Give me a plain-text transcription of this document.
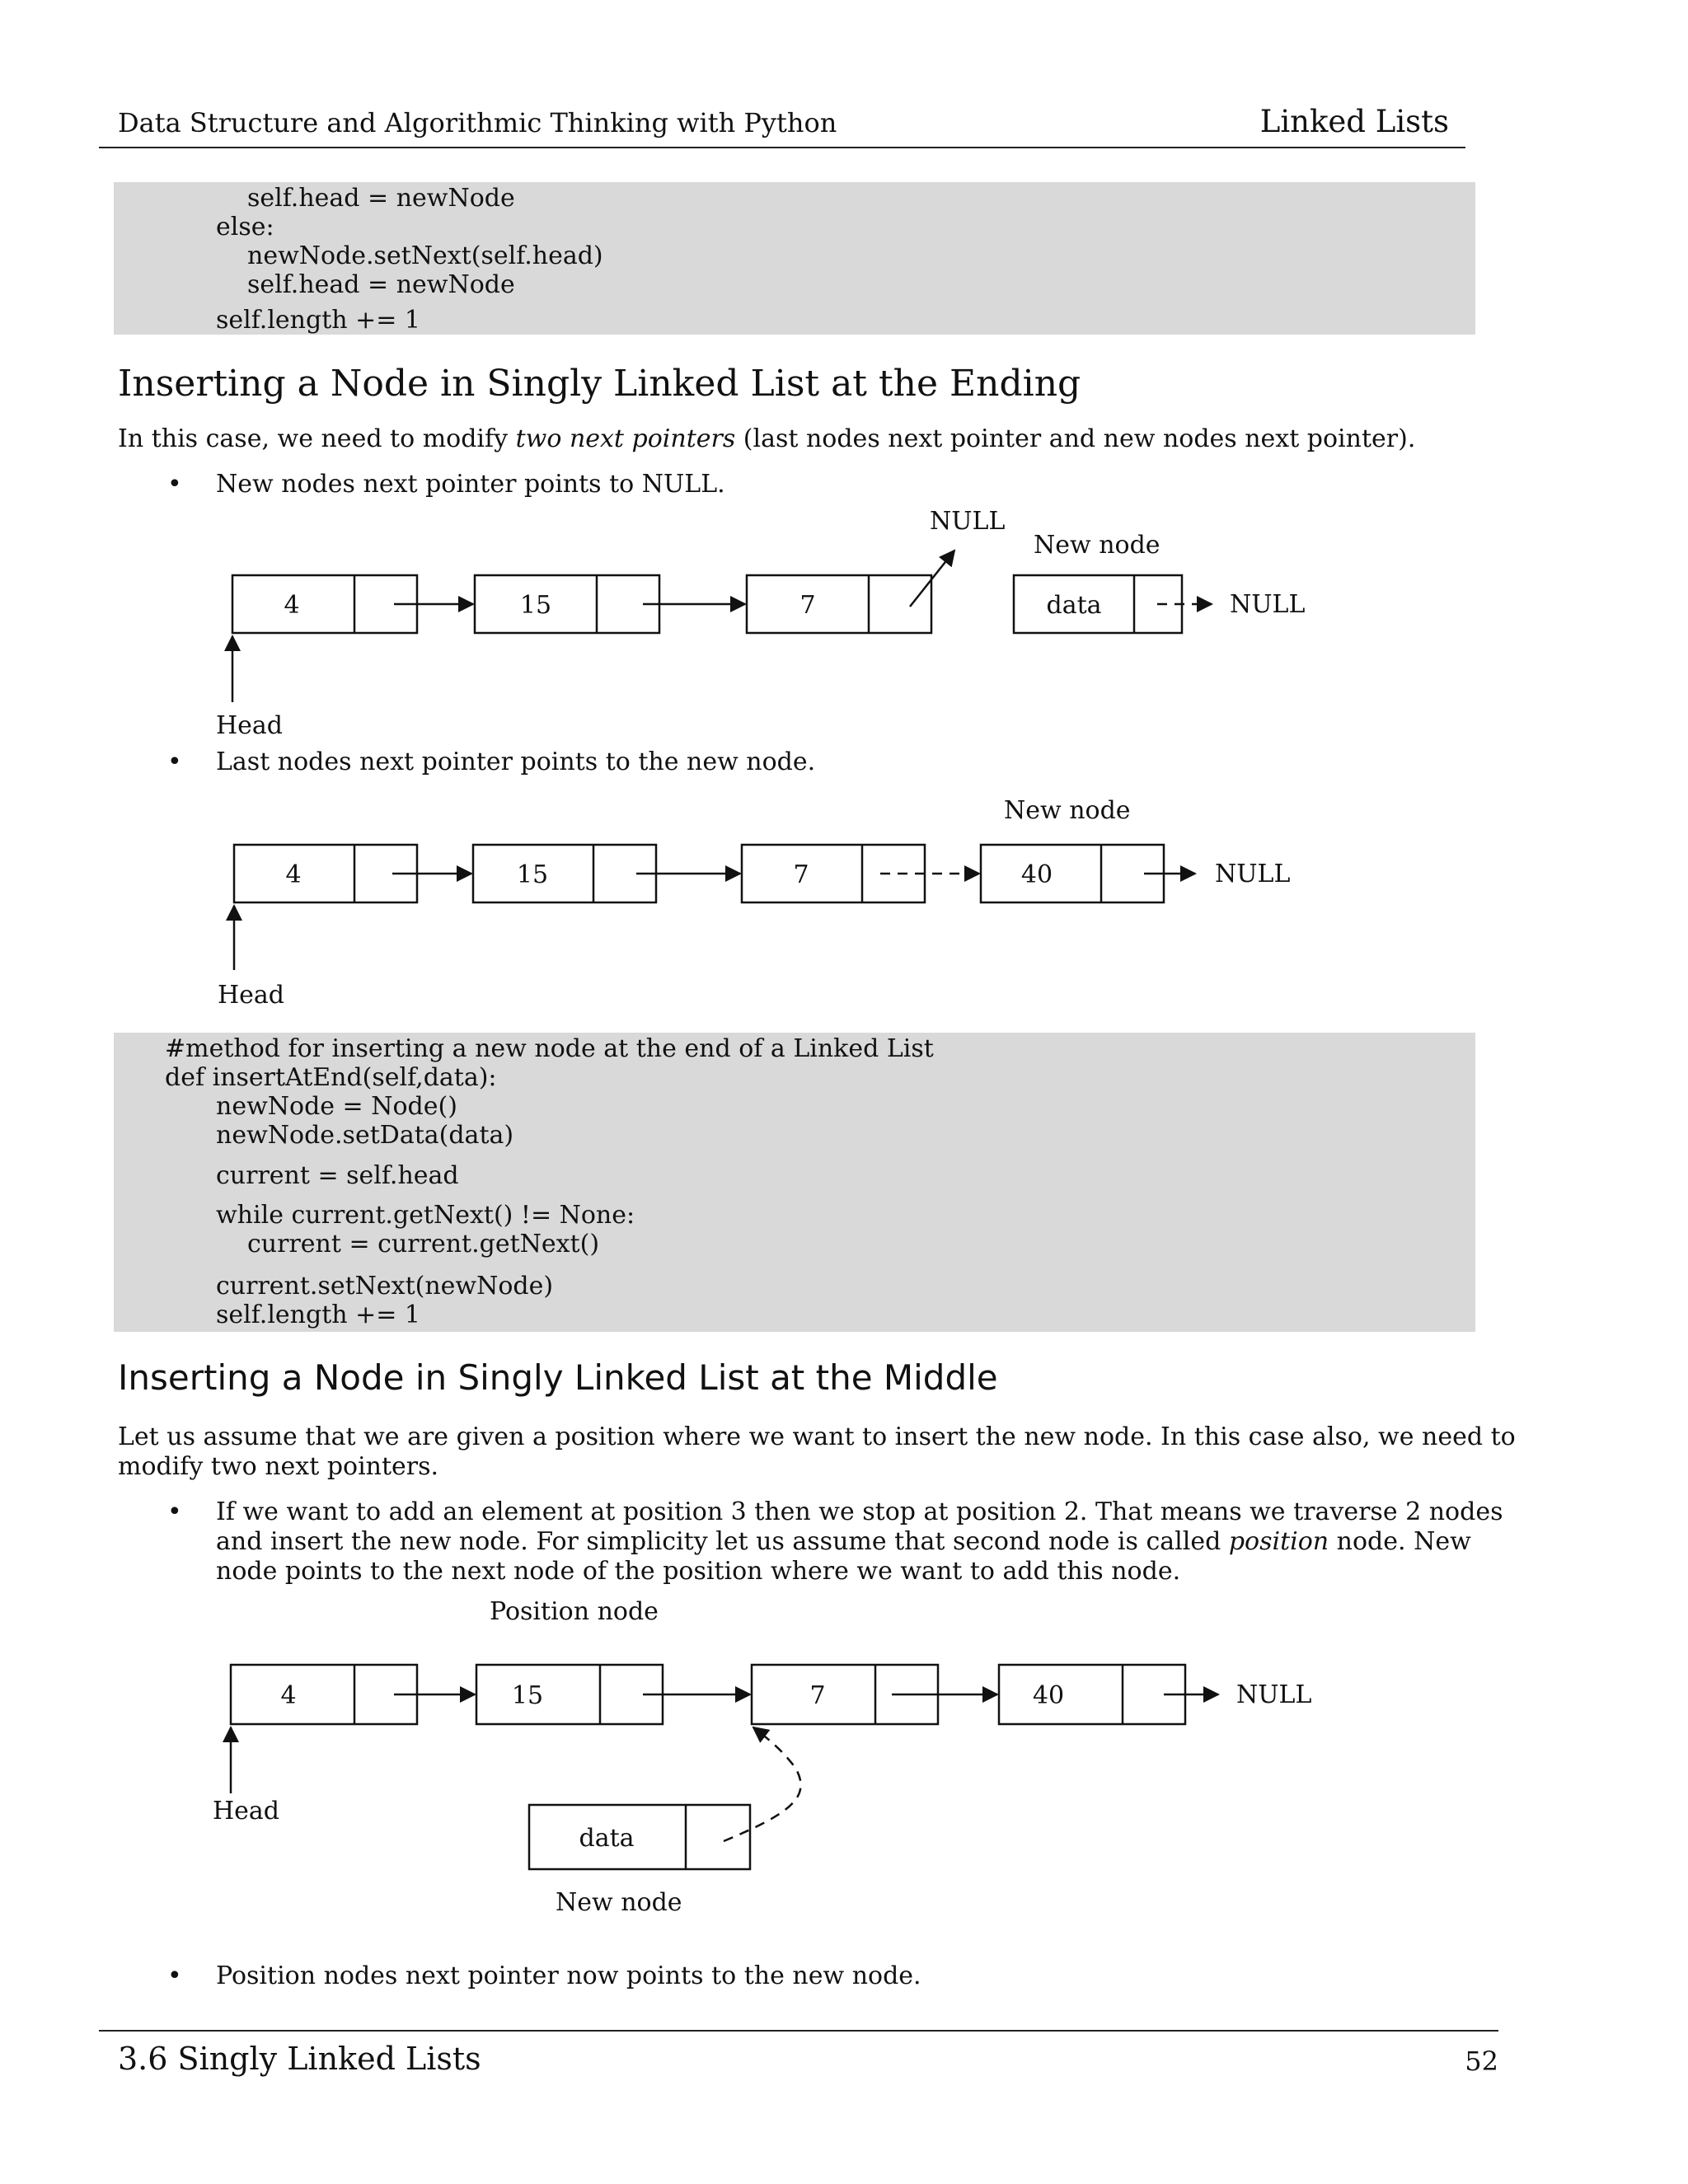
Data Structure and Algorithmic Thinking with Python	Linked Lists
self.head = newNode
else:
newNode.setNext(self.head)
self.head = newNode
self.length += 1
Inserting a Node in Singly Linked List at the Ending
In this case, we need to modify two next pointers (last nodes next pointer and new nodes next pointer).
• New nodes next pointer points to NULL.
4	15	7	data
NULL
New node
NULL
Head
• Last nodes next pointer points to the new node.
4	15	7	40
New node
NULL
Head
#method for inserting a new node at the end of a Linked List
def insertAtEnd(self,data):
newNode = Node()
newNode.setData(data)
current = self.head
while current.getNext() != None:
current = current.getNext()
current.setNext(newNode)
self.length += 1
Inserting a Node in Singly Linked List at the Middle
Let us assume that we are given a position where we want to insert the new node. In this case also, we need to
modify two next pointers.
• If we want to add an element at position 3 then we stop at position 2. That means we traverse 2 nodes
and insert the new node. For simplicity let us assume that second node is called position node. New
node points to the next node of the position where we want to add this node.
4	15	7	40
data
Position node
NULL
Head
New node
• Position nodes next pointer now points to the new node.
3.6 Singly Linked Lists	52
